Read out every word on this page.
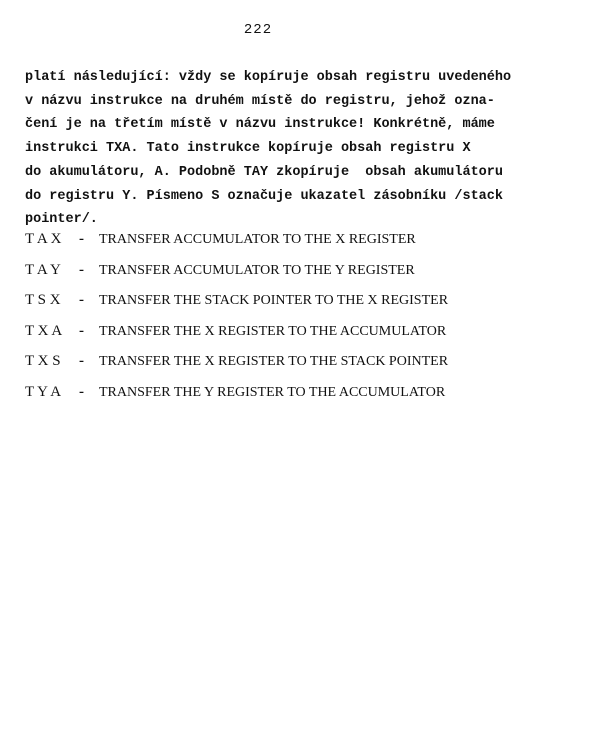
222
platí následující: vždy se kopíruje obsah registru uvedeného
v názvu instrukce na druhém místě do registru, jehož ozna-
čení je na třetím místě v názvu instrukce! Konkrétně, máme
instrukci TXA. Tato instrukce kopíruje obsah registru X
do akumulátoru, A. Podobně TAY zkopíruje  obsah akumulátoru
do registru Y. Písmeno S označuje ukazatel zásobníku /stack
pointer/.
T A X	-	TRANSFER ACCUMULATOR TO THE X REGISTER
T A Y	-	TRANSFER ACCUMULATOR TO THE Y REGISTER
T S X	-	TRANSFER THE STACK POINTER TO THE X REGISTER
T X A	-	TRANSFER THE X REGISTER TO THE ACCUMULATOR
T X S	-	TRANSFER THE X REGISTER TO THE STACK POINTER
T Y A	-	TRANSFER THE Y REGISTER TO THE ACCUMULATOR
